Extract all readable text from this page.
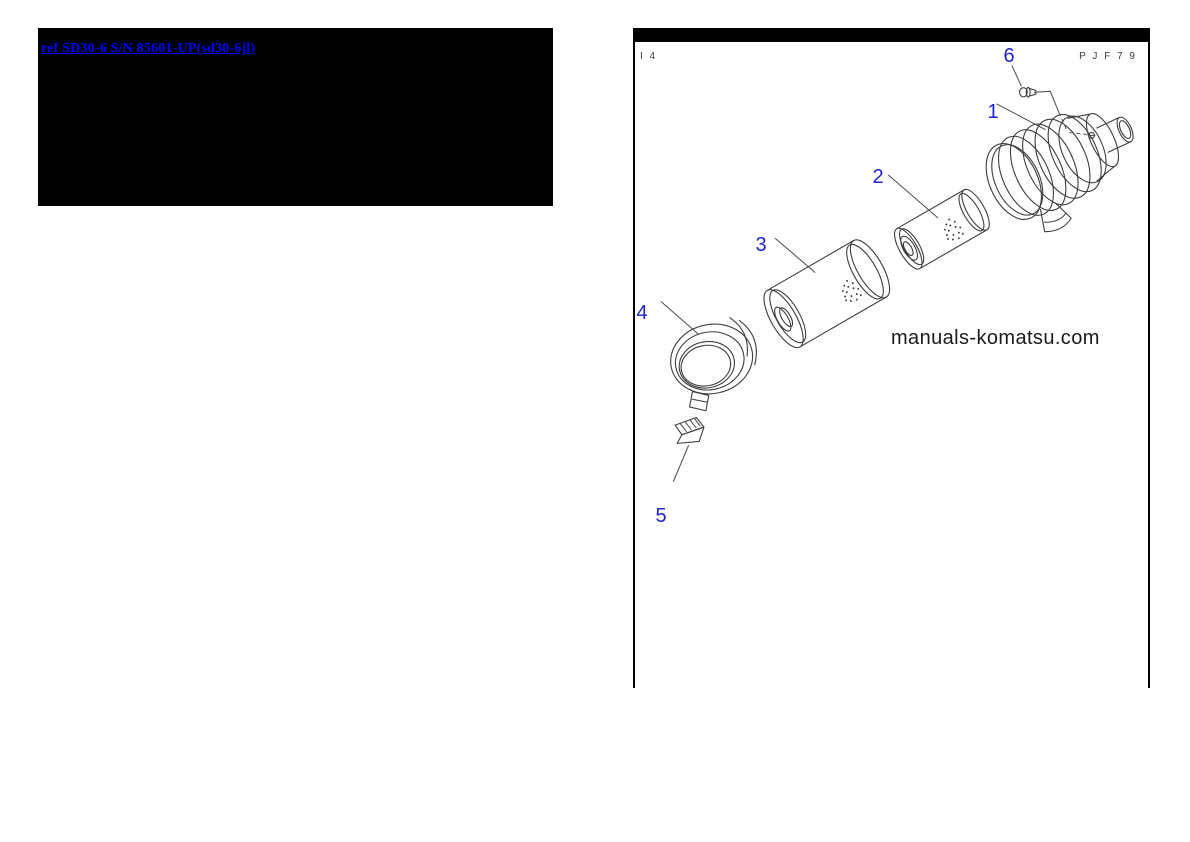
ref SD30-6 S/N 85601-UP(sd30-6jl)
I 4	P J F 7 9
manuals-komatsu.com
1
2
3
4
5
6
